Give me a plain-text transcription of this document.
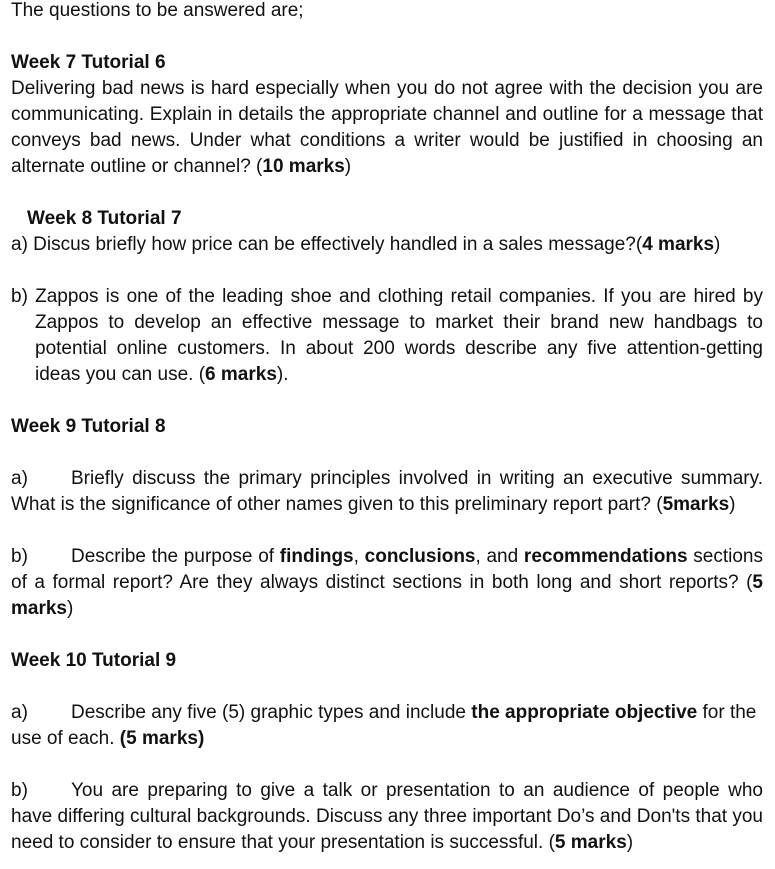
The questions to be answered are;

Week 7 Tutorial 6

Delivering bad news is hard especially when you do not agree with the decision you are communicating. Explain in details the appropriate channel and outline for a message that conveys bad news. Under what conditions a writer would be justified in choosing an alternate outline or channel? (10 marks)

Week 8 Tutorial 7

a) Discus briefly how price can be effectively handled in a sales message?(4 marks)

b) Zappos is one of the leading shoe and clothing retail companies. If you are hired by Zappos to develop an effective message to market their brand new handbags to potential online customers. In about 200 words describe any five attention-getting ideas you can use. (6 marks).

Week 9 Tutorial 8

a) Briefly discuss the primary principles involved in writing an executive summary. What is the significance of other names given to this preliminary report part? (5marks)

b) Describe the purpose of findings, conclusions, and recommendations sections of a formal report? Are they always distinct sections in both long and short reports? (5 marks)

Week 10 Tutorial 9

a) Describe any five (5) graphic types and include the appropriate objective for the use of each. (5 marks)

b) You are preparing to give a talk or presentation to an audience of people who have differing cultural backgrounds. Discuss any three important Do’s and Don'ts that you need to consider to ensure that your presentation is successful. (5 marks)
